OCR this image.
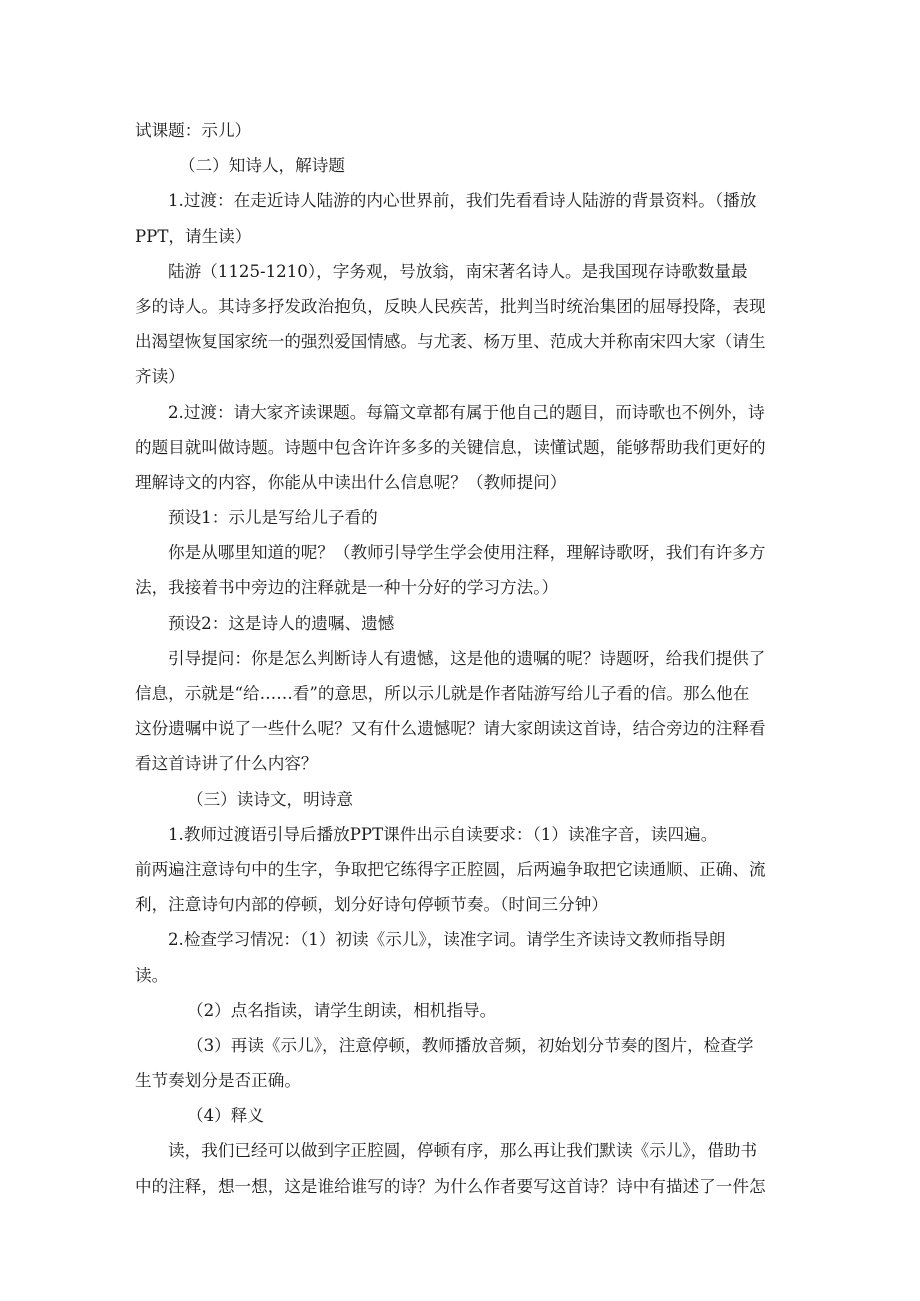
试课题：示儿）
（二）知诗人，解诗题
1.过渡：在走近诗人陆游的内心世界前，我们先看看诗人陆游的背景资料。（播放
PPT，请生读）
陆游（1125-1210），字务观，号放翁，南宋著名诗人。是我国现存诗歌数量最
多的诗人。其诗多抒发政治抱负，反映人民疾苦，批判当时统治集团的屈辱投降，表现
出渴望恢复国家统一的强烈爱国情感。与尤袤、杨万里、范成大并称南宋四大家（请生
齐读）
2.过渡：请大家齐读课题。每篇文章都有属于他自己的题目，而诗歌也不例外，诗
的题目就叫做诗题。诗题中包含许许多多的关键信息，读懂试题，能够帮助我们更好的
理解诗文的内容，你能从中读出什么信息呢？（教师提问）
预设1：示儿是写给儿子看的
你是从哪里知道的呢？（教师引导学生学会使用注释，理解诗歌呀，我们有许多方
法，我接着书中旁边的注释就是一种十分好的学习方法。）
预设2：这是诗人的遗嘱、遗憾
引导提问：你是怎么判断诗人有遗憾，这是他的遗嘱的呢？诗题呀，给我们提供了
信息，示就是“给……看”的意思，所以示儿就是作者陆游写给儿子看的信。那么他在
这份遗嘱中说了一些什么呢？又有什么遗憾呢？请大家朗读这首诗，结合旁边的注释看
看这首诗讲了什么内容？
（三）读诗文，明诗意
1.教师过渡语引导后播放PPT课件出示自读要求：（1）读准字音，读四遍。
前两遍注意诗句中的生字，争取把它练得字正腔圆，后两遍争取把它读通顺、正确、流
利，注意诗句内部的停顿，划分好诗句停顿节奏。（时间三分钟）
2.检查学习情况：（1）初读《示儿》，读准字词。请学生齐读诗文教师指导朗
读。
（2）点名指读，请学生朗读，相机指导。
（3）再读《示儿》，注意停顿，教师播放音频，初始划分节奏的图片，检查学
生节奏划分是否正确。
（4）释义
读，我们已经可以做到字正腔圆，停顿有序，那么再让我们默读《示儿》，借助书
中的注释，想一想，这是谁给谁写的诗？为什么作者要写这首诗？诗中有描述了一件怎
